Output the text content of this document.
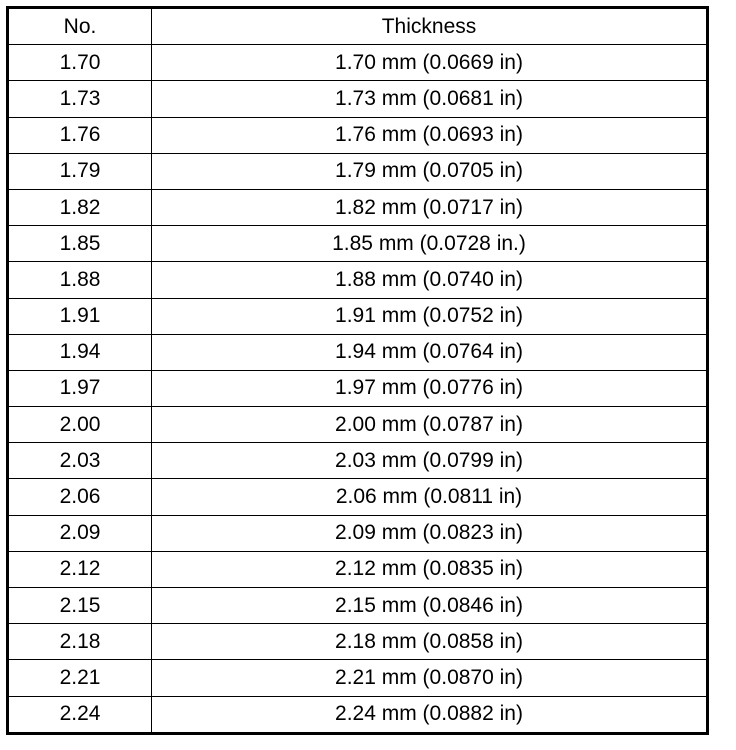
No.	Thickness
1.70	1.70 mm (0.0669 in)
1.73	1.73 mm (0.0681 in)
1.76	1.76 mm (0.0693 in)
1.79	1.79 mm (0.0705 in)
1.82	1.82 mm (0.0717 in)
1.85	1.85 mm (0.0728 in.)
1.88	1.88 mm (0.0740 in)
1.91	1.91 mm (0.0752 in)
1.94	1.94 mm (0.0764 in)
1.97	1.97 mm (0.0776 in)
2.00	2.00 mm (0.0787 in)
2.03	2.03 mm (0.0799 in)
2.06	2.06 mm (0.0811 in)
2.09	2.09 mm (0.0823 in)
2.12	2.12 mm (0.0835 in)
2.15	2.15 mm (0.0846 in)
2.18	2.18 mm (0.0858 in)
2.21	2.21 mm (0.0870 in)
2.24	2.24 mm (0.0882 in)
